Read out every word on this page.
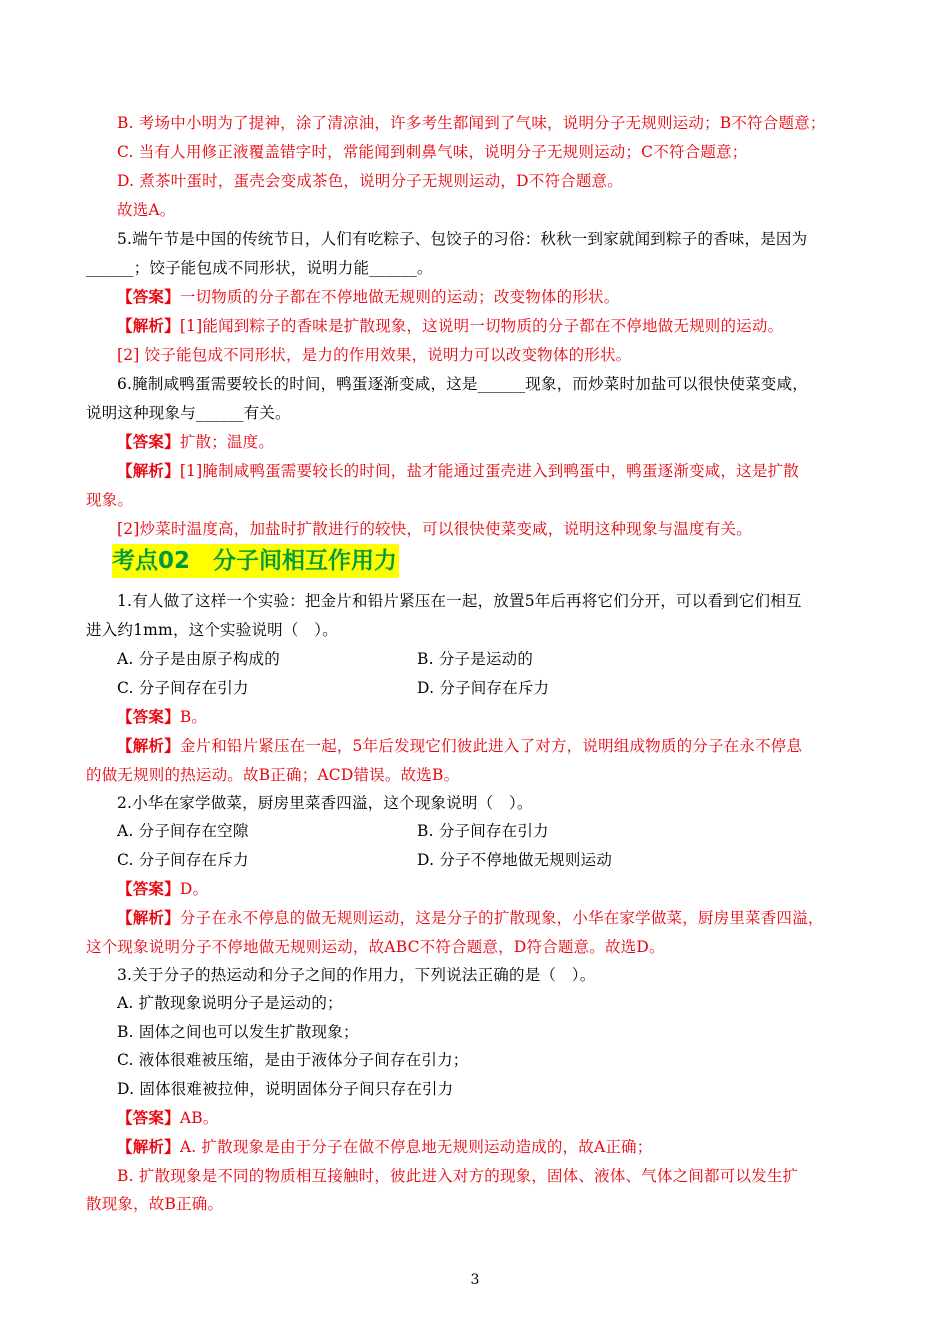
B. 考场中小明为了提神，涂了清凉油，许多考生都闻到了气味，说明分子无规则运动；B不符合题意；
C. 当有人用修正液覆盖错字时，常能闻到刺鼻气味，说明分子无规则运动；C不符合题意；
D. 煮茶叶蛋时，蛋壳会变成茶色，说明分子无规则运动，D不符合题意。
故选A。
5.端午节是中国的传统节日，人们有吃粽子、包饺子的习俗：秋秋一到家就闻到粽子的香味，是因为
______；饺子能包成不同形状，说明力能______。
【答案】一切物质的分子都在不停地做无规则的运动；改变物体的形状。
【解析】[1]能闻到粽子的香味是扩散现象，这说明一切物质的分子都在不停地做无规则的运动。
[2] 饺子能包成不同形状，是力的作用效果，说明力可以改变物体的形状。
6.腌制咸鸭蛋需要较长的时间，鸭蛋逐渐变咸，这是______现象，而炒菜时加盐可以很快使菜变咸，
说明这种现象与______有关。
【答案】扩散；温度。
【解析】[1]腌制咸鸭蛋需要较长的时间，盐才能通过蛋壳进入到鸭蛋中，鸭蛋逐渐变咸，这是扩散
现象。
[2]炒菜时温度高，加盐时扩散进行的较快，可以很快使菜变咸，说明这种现象与温度有关。
考点02　分子间相互作用力
1.有人做了这样一个实验：把金片和铅片紧压在一起，放置5年后再将它们分开，可以看到它们相互
进入约1mm，这个实验说明（　）。
A. 分子是由原子构成的	B. 分子是运动的
C. 分子间存在引力	D. 分子间存在斥力
【答案】B。
【解析】金片和铅片紧压在一起，5年后发现它们彼此进入了对方，说明组成物质的分子在永不停息
的做无规则的热运动。故B正确；ACD错误。故选B。
2.小华在家学做菜，厨房里菜香四溢，这个现象说明（　）。
A. 分子间存在空隙	B. 分子间存在引力
C. 分子间存在斥力	D. 分子不停地做无规则运动
【答案】D。
【解析】分子在永不停息的做无规则运动，这是分子的扩散现象，小华在家学做菜，厨房里菜香四溢，
这个现象说明分子不停地做无规则运动，故ABC不符合题意，D符合题意。故选D。
3.关于分子的热运动和分子之间的作用力，下列说法正确的是（　）。
A. 扩散现象说明分子是运动的；
B. 固体之间也可以发生扩散现象；
C. 液体很难被压缩，是由于液体分子间存在引力；
D. 固体很难被拉伸，说明固体分子间只存在引力
【答案】AB。
【解析】A. 扩散现象是由于分子在做不停息地无规则运动造成的，故A正确；
B. 扩散现象是不同的物质相互接触时，彼此进入对方的现象，固体、液体、气体之间都可以发生扩
散现象，故B正确。
3
